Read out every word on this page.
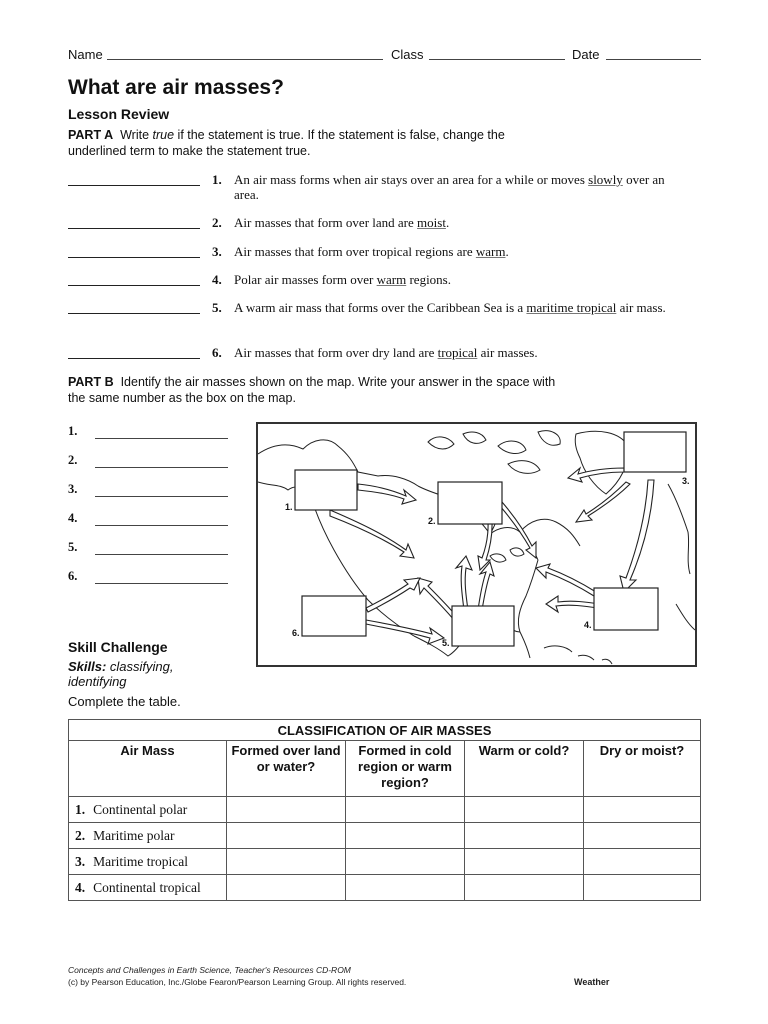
Name	Class	Date
What are air masses?
Lesson Review
PART A Write true if the statement is true. If the statement is false, change the underlined term to make the statement true.
1. An air mass forms when air stays over an area for a while or moves slowly over an area.
2. Air masses that form over land are moist.
3. Air masses that form over tropical regions are warm.
4. Polar air masses form over warm regions.
5. A warm air mass that forms over the Caribbean Sea is a maritime tropical air mass.
6. Air masses that form over dry land are tropical air masses.
PART B Identify the air masses shown on the map. Write your answer in the space with the same number as the box on the map.
1.
2.
3.
4.
5.
6.
1.
2.
3.
4.
5.
6.
Skill Challenge
Skills: classifying, identifying
Complete the table.
CLASSIFICATION OF AIR MASSES				
Air Mass	Formed over land or water?	Formed in cold region or warm region?	Warm or cold?	Dry or moist?
1. Continental polar				
2. Maritime polar				
3. Maritime tropical				
4. Continental tropical				
Concepts and Challenges in Earth Science, Teacher's Resources CD-ROM
(c) by Pearson Education, Inc./Globe Fearon/Pearson Learning Group. All rights reserved.	Weather
